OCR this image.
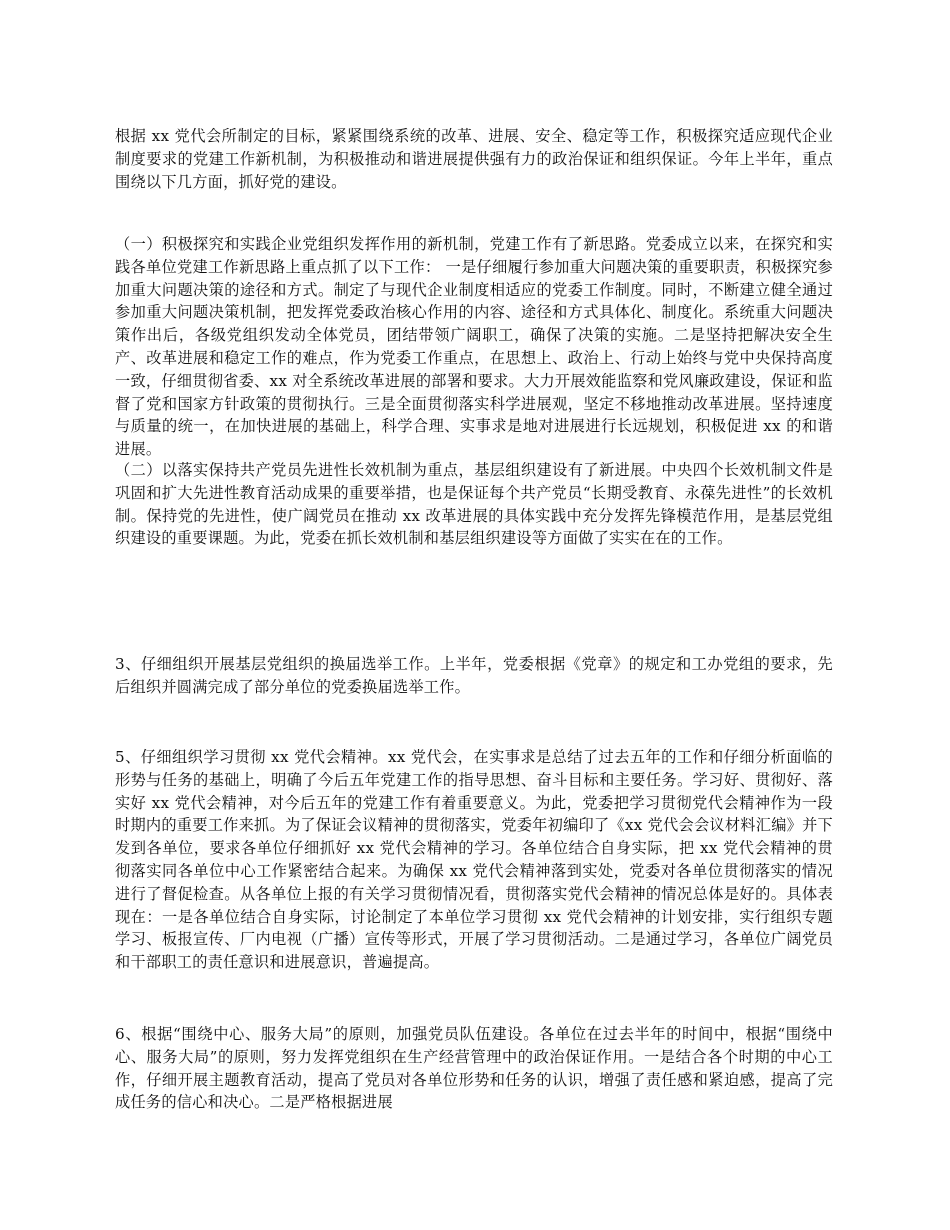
根据 xx 党代会所制定的目标，紧紧围绕系统的改革、进展、安全、稳定等工作，积极探究适应现代企业制度要求的党建工作新机制，为积极推动和谐进展提供强有力的政治保证和组织保证。今年上半年，重点围绕以下几方面，抓好党的建设。

（一）积极探究和实践企业党组织发挥作用的新机制，党建工作有了新思路。党委成立以来，在探究和实践各单位党建工作新思路上重点抓了以下工作： 一是仔细履行参加重大问题决策的重要职责，积极探究参加重大问题决策的途径和方式。制定了与现代企业制度相适应的党委工作制度。同时，不断建立健全通过参加重大问题决策机制，把发挥党委政治核心作用的内容、途径和方式具体化、制度化。系统重大问题决策作出后，各级党组织发动全体党员，团结带领广阔职工，确保了决策的实施。二是坚持把解决安全生产、改革进展和稳定工作的难点，作为党委工作重点，在思想上、政治上、行动上始终与党中央保持高度一致，仔细贯彻省委、xx 对全系统改革进展的部署和要求。大力开展效能监察和党风廉政建设，保证和监督了党和国家方针政策的贯彻执行。三是全面贯彻落实科学进展观，坚定不移地推动改革进展。坚持速度与质量的统一，在加快进展的基础上，科学合理、实事求是地对进展进行长远规划，积极促进 xx 的和谐进展。

（二）以落实保持共产党员先进性长效机制为重点，基层组织建设有了新进展。中央四个长效机制文件是巩固和扩大先进性教育活动成果的重要举措，也是保证每个共产党员“长期受教育、永葆先进性”的长效机制。保持党的先进性，使广阔党员在推动 xx 改革进展的具体实践中充分发挥先锋模范作用，是基层党组织建设的重要课题。为此，党委在抓长效机制和基层组织建设等方面做了实实在在的工作。

3、仔细组织开展基层党组织的换届选举工作。上半年，党委根据《党章》的规定和工办党组的要求，先后组织并圆满完成了部分单位的党委换届选举工作。

5、仔细组织学习贯彻 xx 党代会精神。xx 党代会，在实事求是总结了过去五年的工作和仔细分析面临的形势与任务的基础上，明确了今后五年党建工作的指导思想、奋斗目标和主要任务。学习好、贯彻好、落实好 xx 党代会精神，对今后五年的党建工作有着重要意义。为此，党委把学习贯彻党代会精神作为一段时期内的重要工作来抓。为了保证会议精神的贯彻落实，党委年初编印了《xx 党代会会议材料汇编》并下发到各单位，要求各单位仔细抓好 xx 党代会精神的学习。各单位结合自身实际，把 xx 党代会精神的贯彻落实同各单位中心工作紧密结合起来。为确保 xx 党代会精神落到实处，党委对各单位贯彻落实的情况进行了督促检查。从各单位上报的有关学习贯彻情况看，贯彻落实党代会精神的情况总体是好的。具体表现在：一是各单位结合自身实际，讨论制定了本单位学习贯彻 xx 党代会精神的计划安排，实行组织专题学习、板报宣传、厂内电视（广播）宣传等形式，开展了学习贯彻活动。二是通过学习，各单位广阔党员和干部职工的责任意识和进展意识，普遍提高。

6、根据“围绕中心、服务大局”的原则，加强党员队伍建设。各单位在过去半年的时间中，根据“围绕中心、服务大局”的原则，努力发挥党组织在生产经营管理中的政治保证作用。一是结合各个时期的中心工作，仔细开展主题教育活动，提高了党员对各单位形势和任务的认识，增强了责任感和紧迫感，提高了完成任务的信心和决心。二是严格根据进展
